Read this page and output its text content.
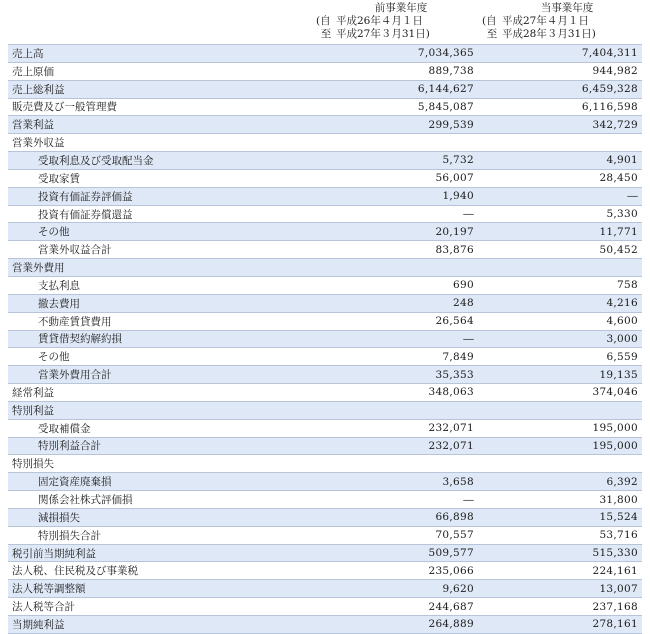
前事業年度
(自 平成26年４月１日
至 平成27年３月31日)
当事業年度
(自 平成27年４月１日
至 平成28年３月31日)
売上高	7,034,365	7,404,311
売上原価	889,738	944,982
売上総利益	6,144,627	6,459,328
販売費及び一般管理費	5,845,087	6,116,598
営業利益	299,539	342,729
営業外収益		
受取利息及び受取配当金	5,732	4,901
受取家賃	56,007	28,450
投資有価証券評価益	1,940	―
投資有価証券償還益	―	5,330
その他	20,197	11,771
営業外収益合計	83,876	50,452
営業外費用		
支払利息	690	758
撤去費用	248	4,216
不動産賃貸費用	26,564	4,600
賃貸借契約解約損	―	3,000
その他	7,849	6,559
営業外費用合計	35,353	19,135
経常利益	348,063	374,046
特別利益		
受取補償金	232,071	195,000
特別利益合計	232,071	195,000
特別損失		
固定資産廃棄損	3,658	6,392
関係会社株式評価損	―	31,800
減損損失	66,898	15,524
特別損失合計	70,557	53,716
税引前当期純利益	509,577	515,330
法人税、住民税及び事業税	235,066	224,161
法人税等調整額	9,620	13,007
法人税等合計	244,687	237,168
当期純利益	264,889	278,161
